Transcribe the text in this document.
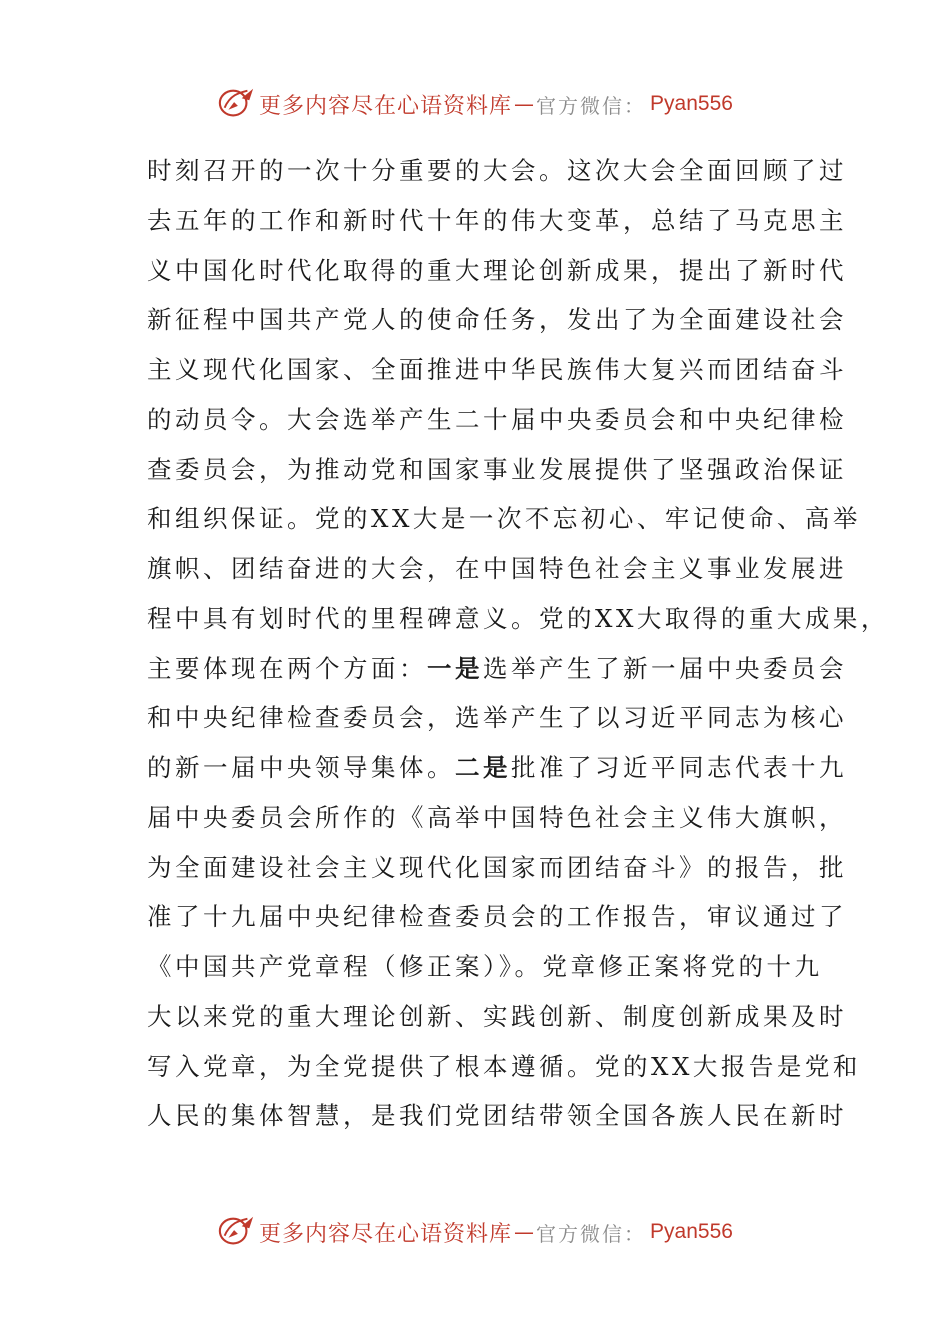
更多内容尽在心语资料库 — 官方微信： Pyan556
时刻召开的一次十分重要的大会。这次大会全面回顾了过
去五年的工作和新时代十年的伟大变革，总结了马克思主
义中国化时代化取得的重大理论创新成果，提出了新时代
新征程中国共产党人的使命任务，发出了为全面建设社会
主义现代化国家、全面推进中华民族伟大复兴而团结奋斗
的动员令。大会选举产生二十届中央委员会和中央纪律检
查委员会，为推动党和国家事业发展提供了坚强政治保证
和组织保证。党的XX大是一次不忘初心、牢记使命、高举
旗帜、团结奋进的大会，在中国特色社会主义事业发展进
程中具有划时代的里程碑意义。党的XX大取得的重大成果，
主要体现在两个方面：一是选举产生了新一届中央委员会
和中央纪律检查委员会，选举产生了以习近平同志为核心
的新一届中央领导集体。二是批准了习近平同志代表十九
届中央委员会所作的《高举中国特色社会主义伟大旗帜，
为全面建设社会主义现代化国家而团结奋斗》的报告，批
准了十九届中央纪律检查委员会的工作报告，审议通过了
《中国共产党章程（修正案）》。党章修正案将党的十九
大以来党的重大理论创新、实践创新、制度创新成果及时
写入党章，为全党提供了根本遵循。党的XX大报告是党和
人民的集体智慧，是我们党团结带领全国各族人民在新时
更多内容尽在心语资料库 — 官方微信： Pyan556
